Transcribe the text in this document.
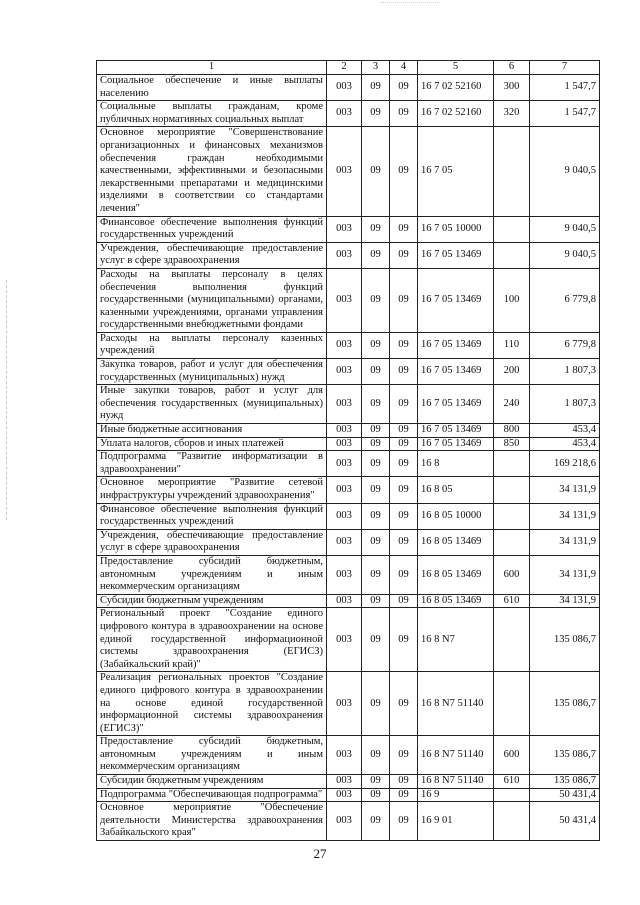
1	2	3	4	5	6	7
Социальное обеспечение и иные выплаты населению	003	09	09	16 7 02 52160	300	1 547,7
Социальные выплаты гражданам, кроме публичных нормативных социальных выплат	003	09	09	16 7 02 52160	320	1 547,7
Основное мероприятие "Совершенствование организационных и финансовых механизмов обеспечения граждан необходимыми качественными, эффективными и безопасными лекарственными препаратами и медицинскими изделиями в соответствии со стандартами лечения"	003	09	09	16 7 05		9 040,5
Финансовое обеспечение выполнения функций государственных учреждений	003	09	09	16 7 05 10000		9 040,5
Учреждения, обеспечивающие предоставление услуг в сфере здравоохранения	003	09	09	16 7 05 13469		9 040,5
Расходы на выплаты персоналу в целях обеспечения выполнения функций государственными (муниципальными) органами, казенными учреждениями, органами управления государственными внебюджетными фондами	003	09	09	16 7 05 13469	100	6 779,8
Расходы на выплаты персоналу казенных учреждений	003	09	09	16 7 05 13469	110	6 779,8
Закупка товаров, работ и услуг для обеспечения государственных (муниципальных) нужд	003	09	09	16 7 05 13469	200	1 807,3
Иные закупки товаров, работ и услуг для обеспечения государственных (муниципальных) нужд	003	09	09	16 7 05 13469	240	1 807,3
Иные бюджетные ассигнования	003	09	09	16 7 05 13469	800	453,4
Уплата налогов, сборов и иных платежей	003	09	09	16 7 05 13469	850	453,4
Подпрограмма "Развитие информатизации в здравоохранении"	003	09	09	16 8		169 218,6
Основное мероприятие "Развитие сетевой инфраструктуры учреждений здравоохранения"	003	09	09	16 8 05		34 131,9
Финансовое обеспечение выполнения функций государственных учреждений	003	09	09	16 8 05 10000		34 131,9
Учреждения, обеспечивающие предоставление услуг в сфере здравоохранения	003	09	09	16 8 05 13469		34 131,9
Предоставление субсидий бюджетным, автономным учреждениям и иным некоммерческим организациям	003	09	09	16 8 05 13469	600	34 131,9
Субсидии бюджетным учреждениям	003	09	09	16 8 05 13469	610	34 131,9
Региональный проект "Создание единого цифрового контура в здравоохранении на основе единой государственной информационной системы здравоохранения (ЕГИСЗ) (Забайкальский край)"	003	09	09	16 8 N7		135 086,7
Реализация региональных проектов "Создание единого цифрового контура в здравоохранении на основе единой государственной информационной системы здравоохранения (ЕГИСЗ)"	003	09	09	16 8 N7 51140		135 086,7
Предоставление субсидий бюджетным, автономным учреждениям и иным некоммерческим организациям	003	09	09	16 8 N7 51140	600	135 086,7
Субсидии бюджетным учреждениям	003	09	09	16 8 N7 51140	610	135 086,7
Подпрограмма "Обеспечивающая подпрограмма"	003	09	09	16 9		50 431,4
Основное мероприятие "Обеспечение деятельности Министерства здравоохранения Забайкальского края"	003	09	09	16 9 01		50 431,4
27
